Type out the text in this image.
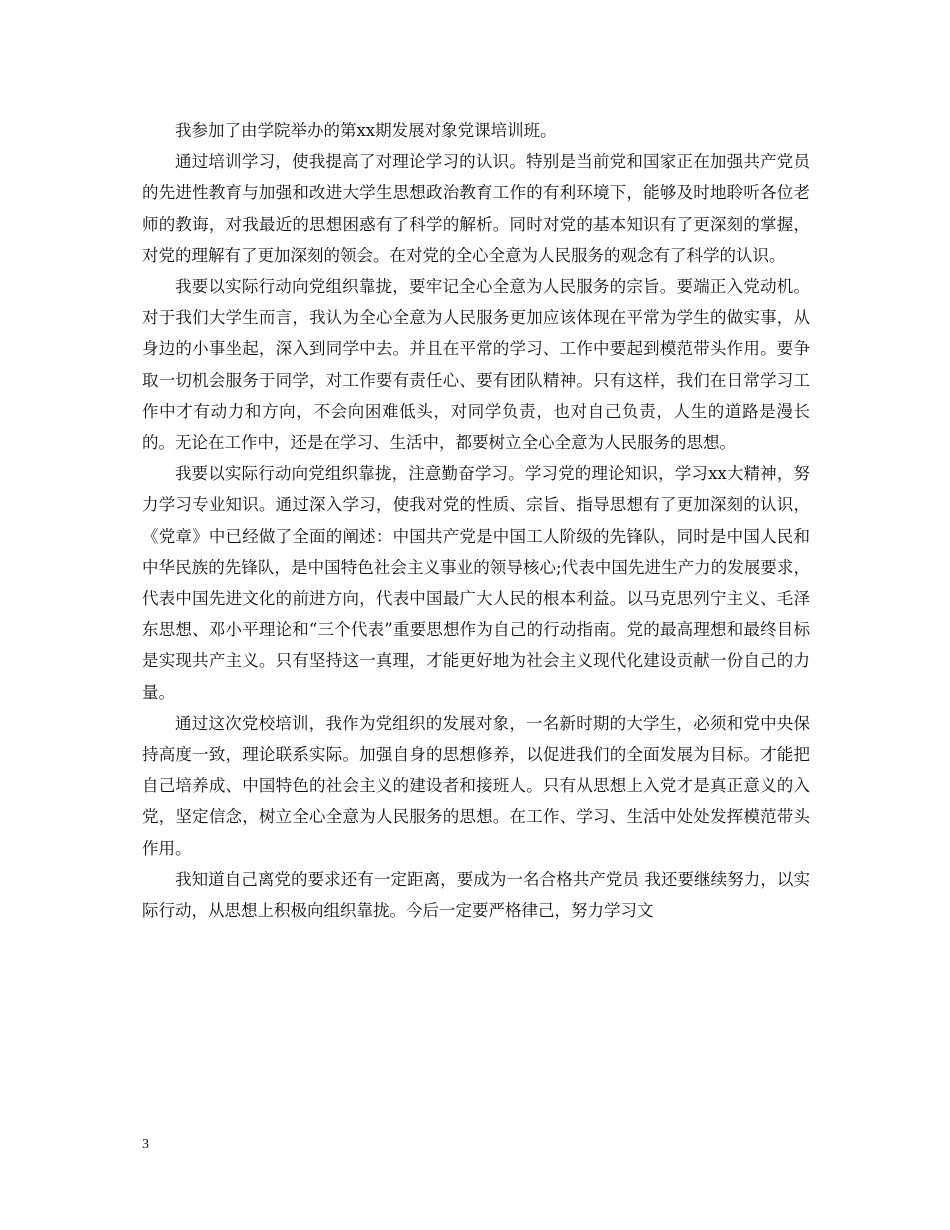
我参加了由学院举办的第xx期发展对象党课培训班。

通过培训学习，使我提高了对理论学习的认识。特别是当前党和国家正在加强共产党员的先进性教育与加强和改进大学生思想政治教育工作的有利环境下，能够及时地聆听各位老师的教诲，对我最近的思想困惑有了科学的解析。同时对党的基本知识有了更深刻的掌握，对党的理解有了更加深刻的领会。在对党的全心全意为人民服务的观念有了科学的认识。

我要以实际行动向党组织靠拢，要牢记全心全意为人民服务的宗旨。要端正入党动机。对于我们大学生而言，我认为全心全意为人民服务更加应该体现在平常为学生的做实事，从身边的小事坐起，深入到同学中去。并且在平常的学习、工作中要起到模范带头作用。要争取一切机会服务于同学，对工作要有责任心、要有团队精神。只有这样，我们在日常学习工作中才有动力和方向，不会向困难低头，对同学负责，也对自己负责，人生的道路是漫长的。无论在工作中，还是在学习、生活中，都要树立全心全意为人民服务的思想。

我要以实际行动向党组织靠拢，注意勤奋学习。学习党的理论知识，学习xx大精神，努力学习专业知识。通过深入学习，使我对党的性质、宗旨、指导思想有了更加深刻的认识，《党章》中已经做了全面的阐述：中国共产党是中国工人阶级的先锋队，同时是中国人民和中华民族的先锋队，是中国特色社会主义事业的领导核心;代表中国先进生产力的发展要求，代表中国先进文化的前进方向，代表中国最广大人民的根本利益。以马克思列宁主义、毛泽东思想、邓小平理论和“三个代表”重要思想作为自己的行动指南。党的最高理想和最终目标是实现共产主义。只有坚持这一真理，才能更好地为社会主义现代化建设贡献一份自己的力量。

通过这次党校培训，我作为党组织的发展对象，一名新时期的大学生，必须和党中央保持高度一致，理论联系实际。加强自身的思想修养，以促进我们的全面发展为目标。才能把自己培养成、中国特色的社会主义的建设者和接班人。只有从思想上入党才是真正意义的入党，坚定信念，树立全心全意为人民服务的思想。在工作、学习、生活中处处发挥模范带头作用。

我知道自己离党的要求还有一定距离，要成为一名合格共产党员 我还要继续努力，以实际行动，从思想上积极向组织靠拢。今后一定要严格律己，努力学习文

3
